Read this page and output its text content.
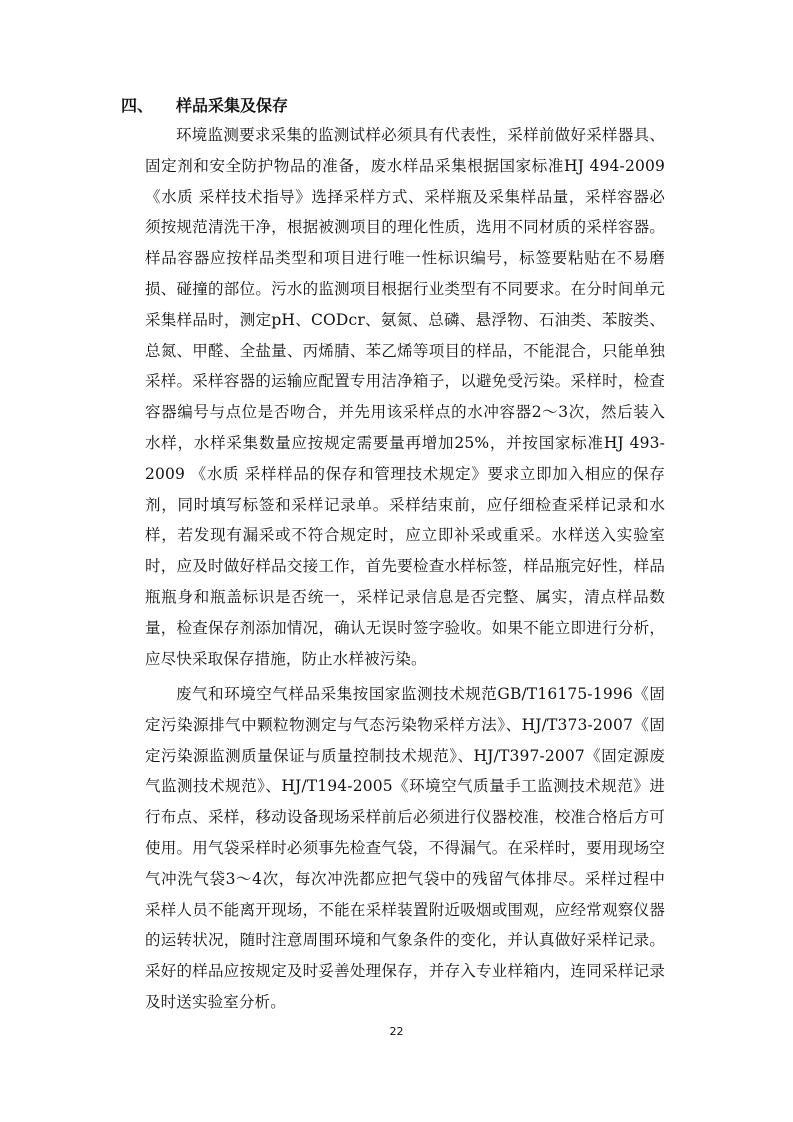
四、 样品采集及保存

环境监测要求采集的监测试样必须具有代表性，采样前做好采样器具、固定剂和安全防护物品的准备，废水样品采集根据国家标准HJ 494-2009 《水质 采样技术指导》选择采样方式、采样瓶及采集样品量，采样容器必须按规范清洗干净，根据被测项目的理化性质，选用不同材质的采样容器。样品容器应按样品类型和项目进行唯一性标识编号，标签要粘贴在不易磨损、碰撞的部位。污水的监测项目根据行业类型有不同要求。在分时间单元采集样品时，测定pH、CODcr、氨氮、总磷、悬浮物、石油类、苯胺类、总氮、甲醛、全盐量、丙烯腈、苯乙烯等项目的样品，不能混合，只能单独采样。采样容器的运输应配置专用洁净箱子，以避免受污染。采样时，检查容器编号与点位是否吻合，并先用该采样点的水冲容器2～3次，然后装入水样，水样采集数量应按规定需要量再增加25%，并按国家标准HJ 493-2009 《水质 采样样品的保存和管理技术规定》要求立即加入相应的保存剂，同时填写标签和采样记录单。采样结束前，应仔细检查采样记录和水样，若发现有漏采或不符合规定时，应立即补采或重采。水样送入实验室时，应及时做好样品交接工作，首先要检查水样标签，样品瓶完好性，样品瓶瓶身和瓶盖标识是否统一，采样记录信息是否完整、属实，清点样品数量，检查保存剂添加情况，确认无误时签字验收。如果不能立即进行分析，应尽快采取保存措施，防止水样被污染。

废气和环境空气样品采集按国家监测技术规范GB/T16175-1996《固定污染源排气中颗粒物测定与气态污染物采样方法》、HJ/T373-2007《固定污染源监测质量保证与质量控制技术规范》、HJ/T397-2007《固定源废气监测技术规范》、HJ/T194-2005《环境空气质量手工监测技术规范》进行布点、采样，移动设备现场采样前后必须进行仪器校准，校准合格后方可使用。用气袋采样时必须事先检查气袋，不得漏气。在采样时，要用现场空气冲洗气袋3～4次，每次冲洗都应把气袋中的残留气体排尽。采样过程中采样人员不能离开现场，不能在采样装置附近吸烟或围观，应经常观察仪器的运转状况，随时注意周围环境和气象条件的变化，并认真做好采样记录。采好的样品应按规定及时妥善处理保存，并存入专业样箱内，连同采样记录及时送实验室分析。

22
